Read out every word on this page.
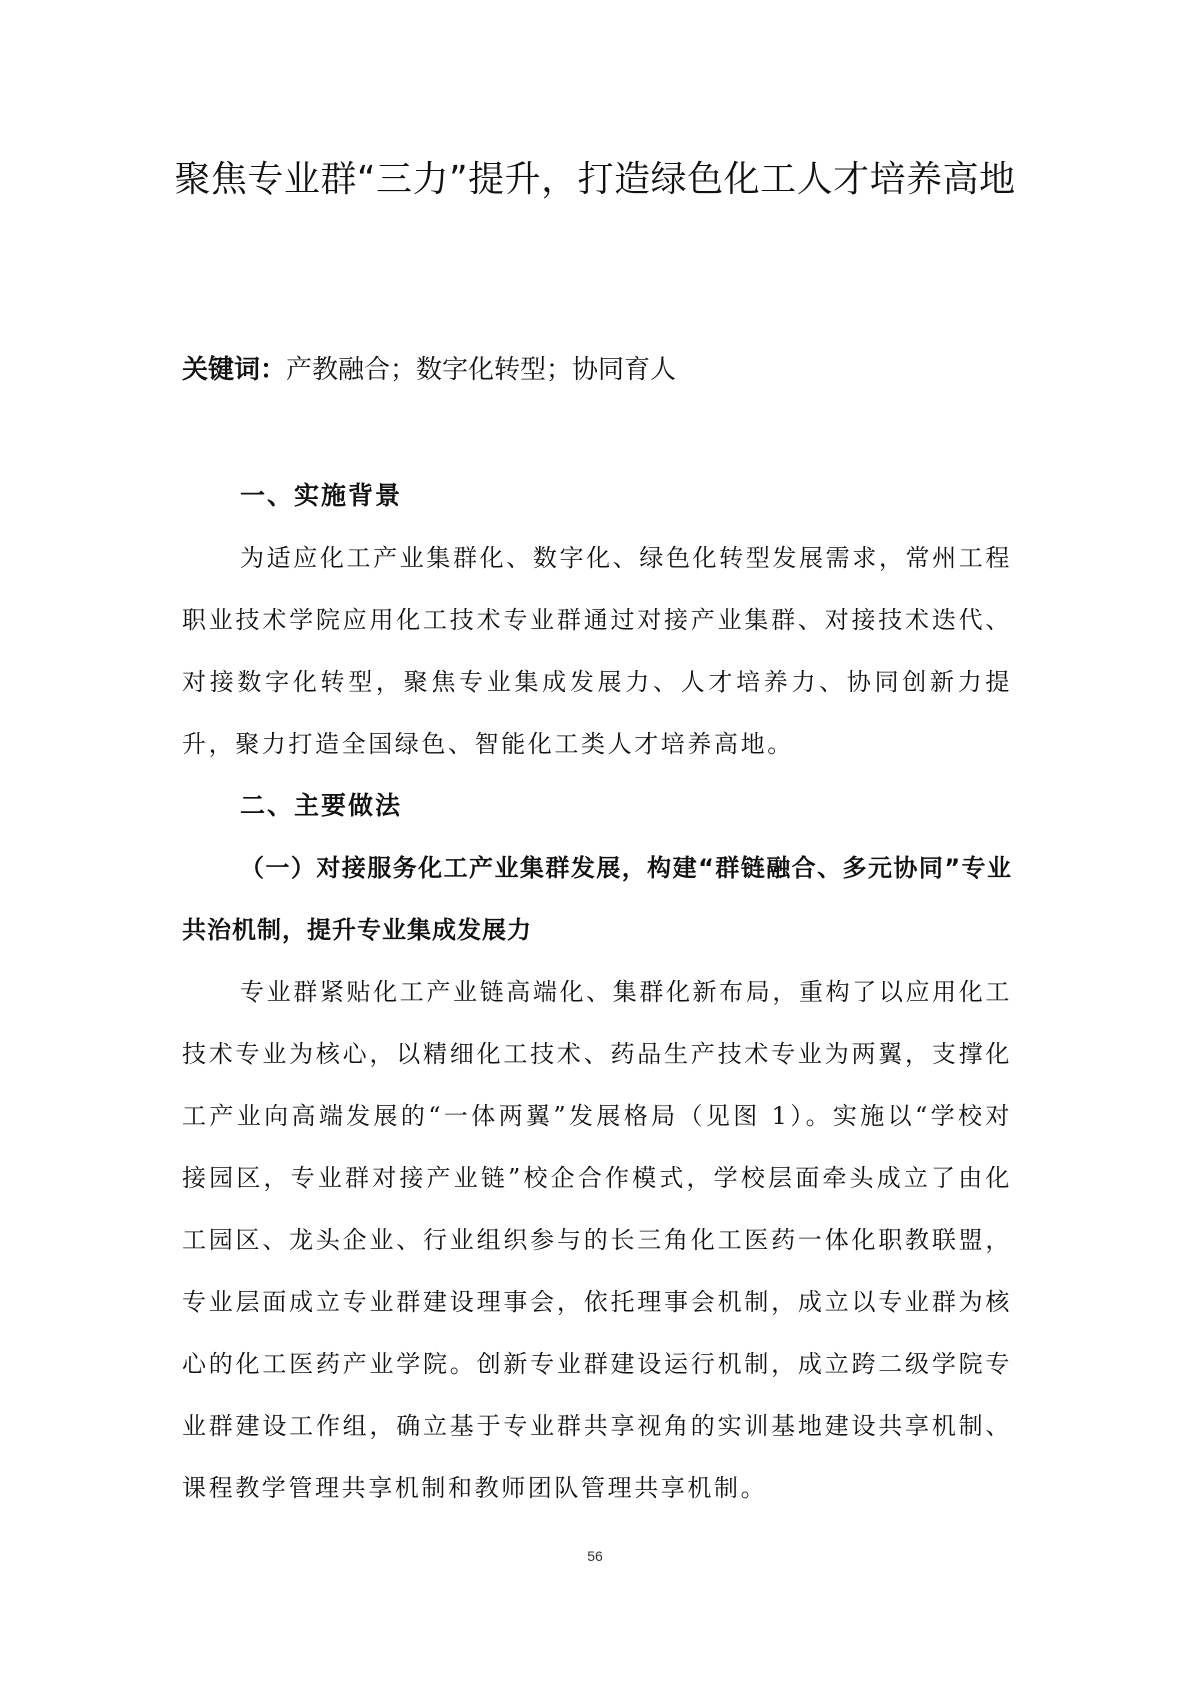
聚焦专业群“三力”提升，打造绿色化工人才培养高地
关键词：产教融合；数字化转型；协同育人

一、实施背景

为适应化工产业集群化、数字化、绿色化转型发展需求，常州工程职业技术学院应用化工技术专业群通过对接产业集群、对接技术迭代、对接数字化转型，聚焦专业集成发展力、人才培养力、协同创新力提升，聚力打造全国绿色、智能化工类人才培养高地。

二、主要做法

（一）对接服务化工产业集群发展，构建“群链融合、多元协同”专业共治机制，提升专业集成发展力

专业群紧贴化工产业链高端化、集群化新布局，重构了以应用化工技术专业为核心，以精细化工技术、药品生产技术专业为两翼，支撑化工产业向高端发展的“一体两翼”发展格局（见图 1）。实施以“学校对接园区，专业群对接产业链”校企合作模式，学校层面牵头成立了由化工园区、龙头企业、行业组织参与的长三角化工医药一体化职教联盟，专业层面成立专业群建设理事会，依托理事会机制，成立以专业群为核心的化工医药产业学院。创新专业群建设运行机制，成立跨二级学院专业群建设工作组，确立基于专业群共享视角的实训基地建设共享机制、课程教学管理共享机制和教师团队管理共享机制。

56
